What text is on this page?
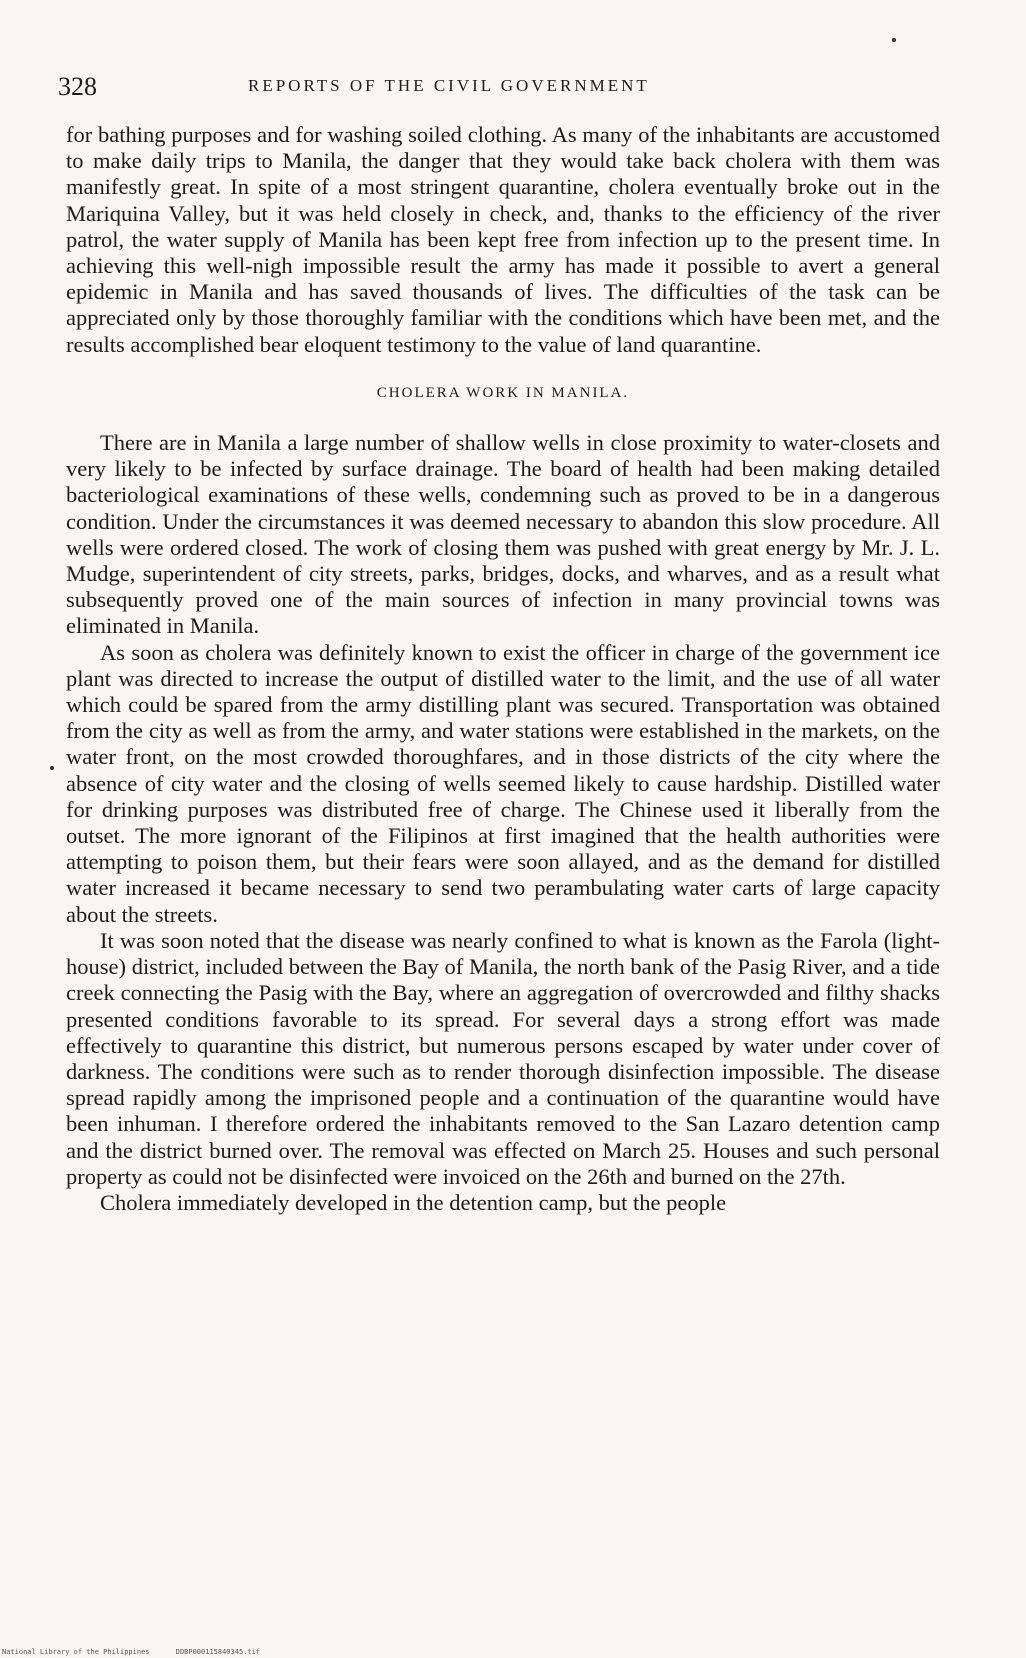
328	REPORTS OF THE CIVIL GOVERNMENT

for bathing purposes and for washing soiled clothing. As many of the inhabitants are accustomed to make daily trips to Manila, the danger that they would take back cholera with them was manifestly great. In spite of a most stringent quarantine, cholera eventually broke out in the Mariquina Valley, but it was held closely in check, and, thanks to the efficiency of the river patrol, the water supply of Manila has been kept free from infection up to the present time. In achieving this well-nigh impossible result the army has made it possible to avert a general epidemic in Manila and has saved thousands of lives. The difficulties of the task can be appreciated only by those thoroughly familiar with the conditions which have been met, and the results accomplished bear eloquent testimony to the value of land quarantine.

CHOLERA WORK IN MANILA.

There are in Manila a large number of shallow wells in close proximity to water-closets and very likely to be infected by surface drainage. The board of health had been making detailed bacteriological examinations of these wells, condemning such as proved to be in a dangerous condition. Under the circumstances it was deemed necessary to abandon this slow procedure. All wells were ordered closed. The work of closing them was pushed with great energy by Mr. J. L. Mudge, superintendent of city streets, parks, bridges, docks, and wharves, and as a result what subsequently proved one of the main sources of infection in many provincial towns was eliminated in Manila.

As soon as cholera was definitely known to exist the officer in charge of the government ice plant was directed to increase the output of distilled water to the limit, and the use of all water which could be spared from the army distilling plant was secured. Transportation was obtained from the city as well as from the army, and water stations were established in the markets, on the water front, on the most crowded thoroughfares, and in those districts of the city where the absence of city water and the closing of wells seemed likely to cause hardship. Distilled water for drinking purposes was distributed free of charge. The Chinese used it liberally from the outset. The more ignorant of the Filipinos at first imagined that the health authorities were attempting to poison them, but their fears were soon allayed, and as the demand for distilled water increased it became necessary to send two perambulating water carts of large capacity about the streets.

It was soon noted that the disease was nearly confined to what is known as the Farola (light-house) district, included between the Bay of Manila, the north bank of the Pasig River, and a tide creek connecting the Pasig with the Bay, where an aggregation of overcrowded and filthy shacks presented conditions favorable to its spread. For several days a strong effort was made effectively to quarantine this district, but numerous persons escaped by water under cover of darkness. The conditions were such as to render thorough disinfection impossible. The disease spread rapidly among the imprisoned people and a continuation of the quarantine would have been inhuman. I therefore ordered the inhabitants removed to the San Lazaro detention camp and the district burned over. The removal was effected on March 25. Houses and such personal property as could not be disinfected were invoiced on the 26th and burned on the 27th.

Cholera immediately developed in the detention camp, but the people

National Library of the Philippines	DDBP000115840345.tif
